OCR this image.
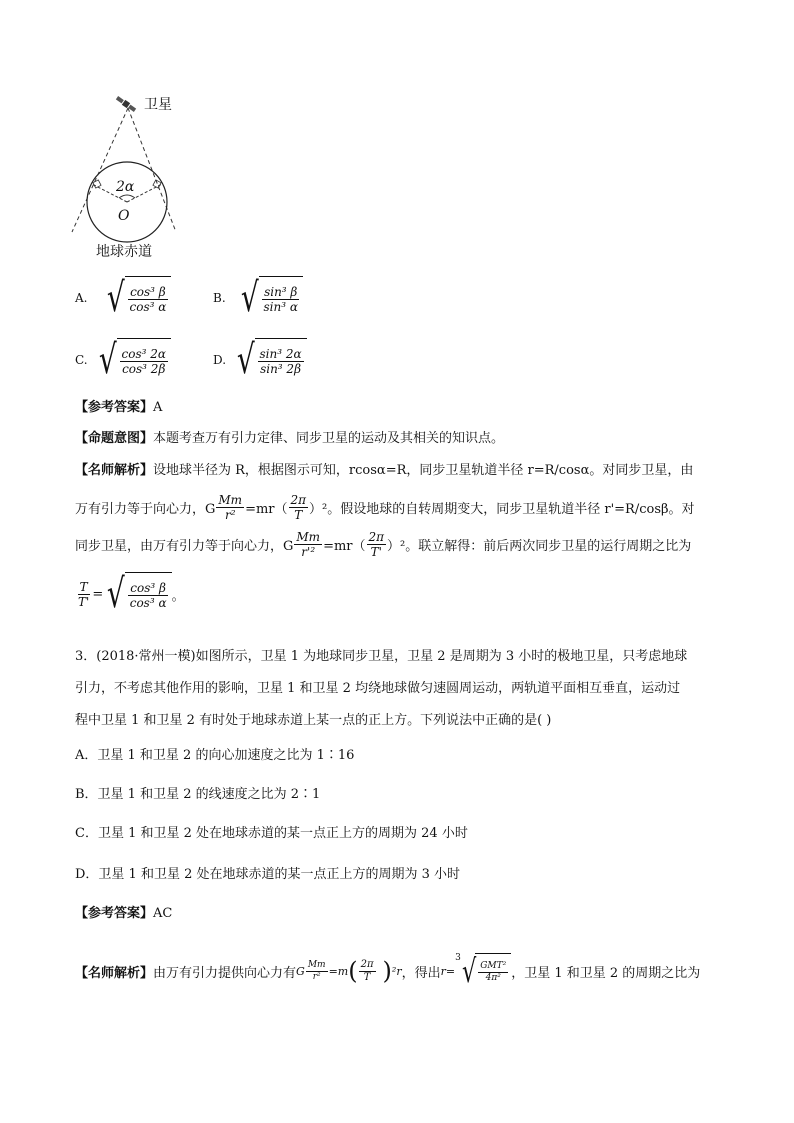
卫星
2α
O
地球赤道
A. √ $\frac{\text{cos³ β}}{\text{cos³ α}}$	B. √ $\frac{\text{sin³ β}}{\text{sin³ α}}$
C. √ $\frac{\text{cos³ 2α}}{\text{cos³ 2β}}$	D. √ $\frac{\text{sin³ 2α}}{\text{sin³ 2β}}$
【参考答案】A
【命题意图】本题考查万有引力定律、同步卫星的运动及其相关的知识点。
【名师解析】设地球半径为 R，根据图示可知，rcosα=R，同步卫星轨道半径 r=R/cosα。对同步卫星，由
万有引力等于向心力，G $\frac{Mm}{\text{r²}} =mr( \frac{2\pi}{T} )^2$。假设地球的自转周期变大，同步卫星轨道半径 r'=R/cosβ。对
同步卫星，由万有引力等于向心力，G $\frac{Mm}{\text{r'²}} =mr( \frac{2\pi}{T'} )^2$。联立解得：前后两次同步卫星的运行周期之比为
$\frac{T}{T'}$ = √ $\frac{\text{cos³ β}}{\text{cos³ α}}$ 。
3．(2018·常州一模)如图所示，卫星 1 为地球同步卫星，卫星 2 是周期为 3 小时的极地卫星，只考虑地球
引力，不考虑其他作用的影响，卫星 1 和卫星 2 均绕地球做匀速圆周运动，两轨道平面相互垂直，运动过
程中卫星 1 和卫星 2 有时处于地球赤道上某一点的正上方。下列说法中正确的是( )
A．卫星 1 和卫星 2 的向心加速度之比为 1∶16
B．卫星 1 和卫星 2 的线速度之比为 2∶1
C．卫星 1 和卫星 2 处在地球赤道的某一点正上方的周期为 24 小时
D．卫星 1 和卫星 2 处在地球赤道的某一点正上方的周期为 3 小时
【参考答案】AC
【名师解析】 由万有引力提供向心力有 G $\frac{Mm}{\text{r²}} =m$ ( $\frac{2\pi}{T}$ ) ²r ，得出 r=
3 √ $\frac{\text{GMT²}}{\text{4π²}}$ ，卫星 1 和卫星 2 的周期之比为
